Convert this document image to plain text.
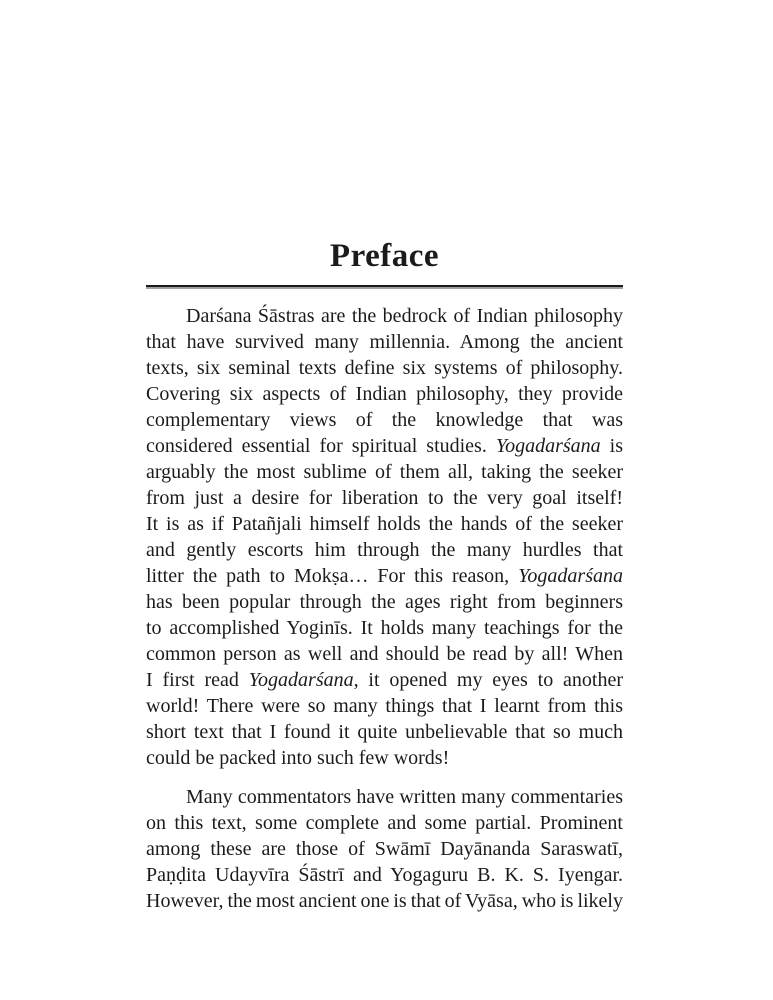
Preface
Darśana Śāstras are the bedrock of Indian philosophy
that have survived many millennia. Among the ancient
texts, six seminal texts define six systems of philosophy.
Covering six aspects of Indian philosophy, they provide
complementary views of the knowledge that was
considered essential for spiritual studies. Yogadarśana is
arguably the most sublime of them all, taking the seeker
from just a desire for liberation to the very goal itself!
It is as if Patañjali himself holds the hands of the seeker
and gently escorts him through the many hurdles that
litter the path to Mokṣa… For this reason, Yogadarśana
has been popular through the ages right from beginners
to accomplished Yoginīs. It holds many teachings for the
common person as well and should be read by all! When
I first read Yogadarśana, it opened my eyes to another
world! There were so many things that I learnt from this
short text that I found it quite unbelievable that so much
could be packed into such few words!
Many commentators have written many commentaries
on this text, some complete and some partial. Prominent
among these are those of Swāmī Dayānanda Saraswatī,
Paṇḍita Udayvīra Śāstrī and Yogaguru B. K. S. Iyengar.
However, the most ancient one is that of Vyāsa, who is likely
